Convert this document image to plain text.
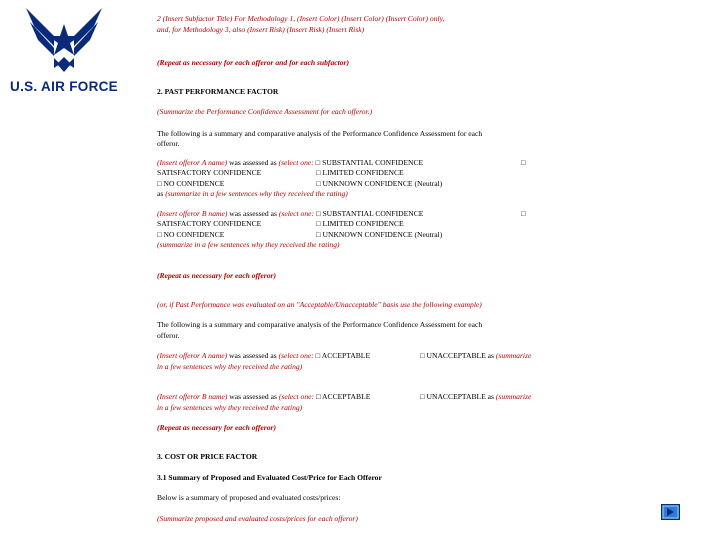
U.S. AIR FORCE
2 (Insert Subfactor Title) For Methodology 1, (Insert Color) (Insert Color) (Insert Color) only,
and, for Methodology 3, also (Insert Risk) (Insert Risk) (Insert Risk)
(Repeat as necessary for each offeror and for each subfactor)
2. PAST PERFORMANCE FACTOR
(Summarize the Performance Confidence Assessment for each offeror.)
The following is a summary and comparative analysis of the Performance Confidence Assessment for each
offeror.
(Insert offeror A name) was assessed as (select one: □ SUBSTANTIAL CONFIDENCE	□
SATISFACTORY CONFIDENCE	□ LIMITED CONFIDENCE
□ NO CONFIDENCE	□ UNKNOWN CONFIDENCE (Neutral)
as (summarize in a few sentences why they received the rating)
(Insert offeror B name) was assessed as (select one: □ SUBSTANTIAL CONFIDENCE	□
SATISFACTORY CONFIDENCE	□ LIMITED CONFIDENCE
□ NO CONFIDENCE	□ UNKNOWN CONFIDENCE (Neutral)
(summarize in a few sentences why they received the rating)
(Repeat as necessary for each offeror)
(or, if Past Performance was evaluated on an "Acceptable/Unacceptable" basis use the following example)
The following is a summary and comparative analysis of the Performance Confidence Assessment for each
offeror.
(Insert offeror A name) was assessed as (select one: □ ACCEPTABLE	□ UNACCEPTABLE as (summarize
in a few sentences why they received the rating)
(Insert offeror B name) was assessed as (select one: □ ACCEPTABLE	□ UNACCEPTABLE as (summarize
in a few sentences why they received the rating)
(Repeat as necessary for each offeror)
3. COST OR PRICE FACTOR
3.1 Summary of Proposed and Evaluated Cost/Price for Each Offeror
Below is a summary of proposed and evaluated costs/prices:
(Summarize proposed and evaluated costs/prices for each offeror)
